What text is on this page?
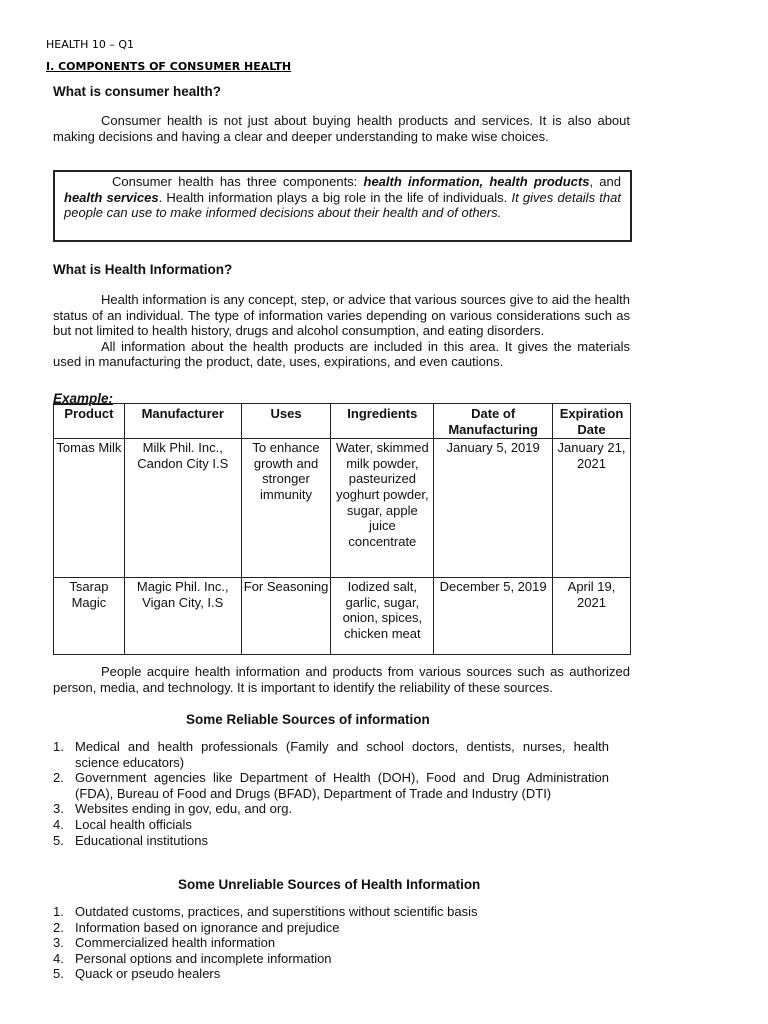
HEALTH 10 – Q1
I. COMPONENTS OF CONSUMER HEALTH
What is consumer health?

Consumer health is not just about buying health products and services. It is also about making decisions and having a clear and deeper understanding to make wise choices.

Consumer health has three components: health information, health products, and health services. Health information plays a big role in the life of individuals. It gives details that people can use to make informed decisions about their health and of others.
What is Health Information?

Health information is any concept, step, or advice that various sources give to aid the health status of an individual. The type of information varies depending on various considerations such as but not limited to health history, drugs and alcohol consumption, and eating disorders.

All information about the health products are included in this area. It gives the materials used in manufacturing the product, date, uses, expirations, and even cautions.

Example:
Product	Manufacturer	Uses	Ingredients	Date of Manufacturing	Expiration Date
Tomas Milk	Milk Phil. Inc., Candon City I.S	To enhance growth and stronger immunity	Water, skimmed milk powder, pasteurized yoghurt powder, sugar, apple juice concentrate	January 5, 2019	January 21, 2021
Tsarap Magic	Magic Phil. Inc., Vigan City, I.S	For Seasoning	Iodized salt, garlic, sugar, onion, spices, chicken meat	December 5, 2019	April 19, 2021

People acquire health information and products from various sources such as authorized person, media, and technology. It is important to identify the reliability of these sources.

Some Reliable Sources of information
1. Medical and health professionals (Family and school doctors, dentists, nurses, health science educators)
2. Government agencies like Department of Health (DOH), Food and Drug Administration (FDA), Bureau of Food and Drugs (BFAD), Department of Trade and Industry (DTI)
3. Websites ending in gov, edu, and org.
4. Local health officials
5. Educational institutions
Some Unreliable Sources of Health Information
1. Outdated customs, practices, and superstitions without scientific basis
2. Information based on ignorance and prejudice
3. Commercialized health information
4. Personal options and incomplete information
5. Quack or pseudo healers
